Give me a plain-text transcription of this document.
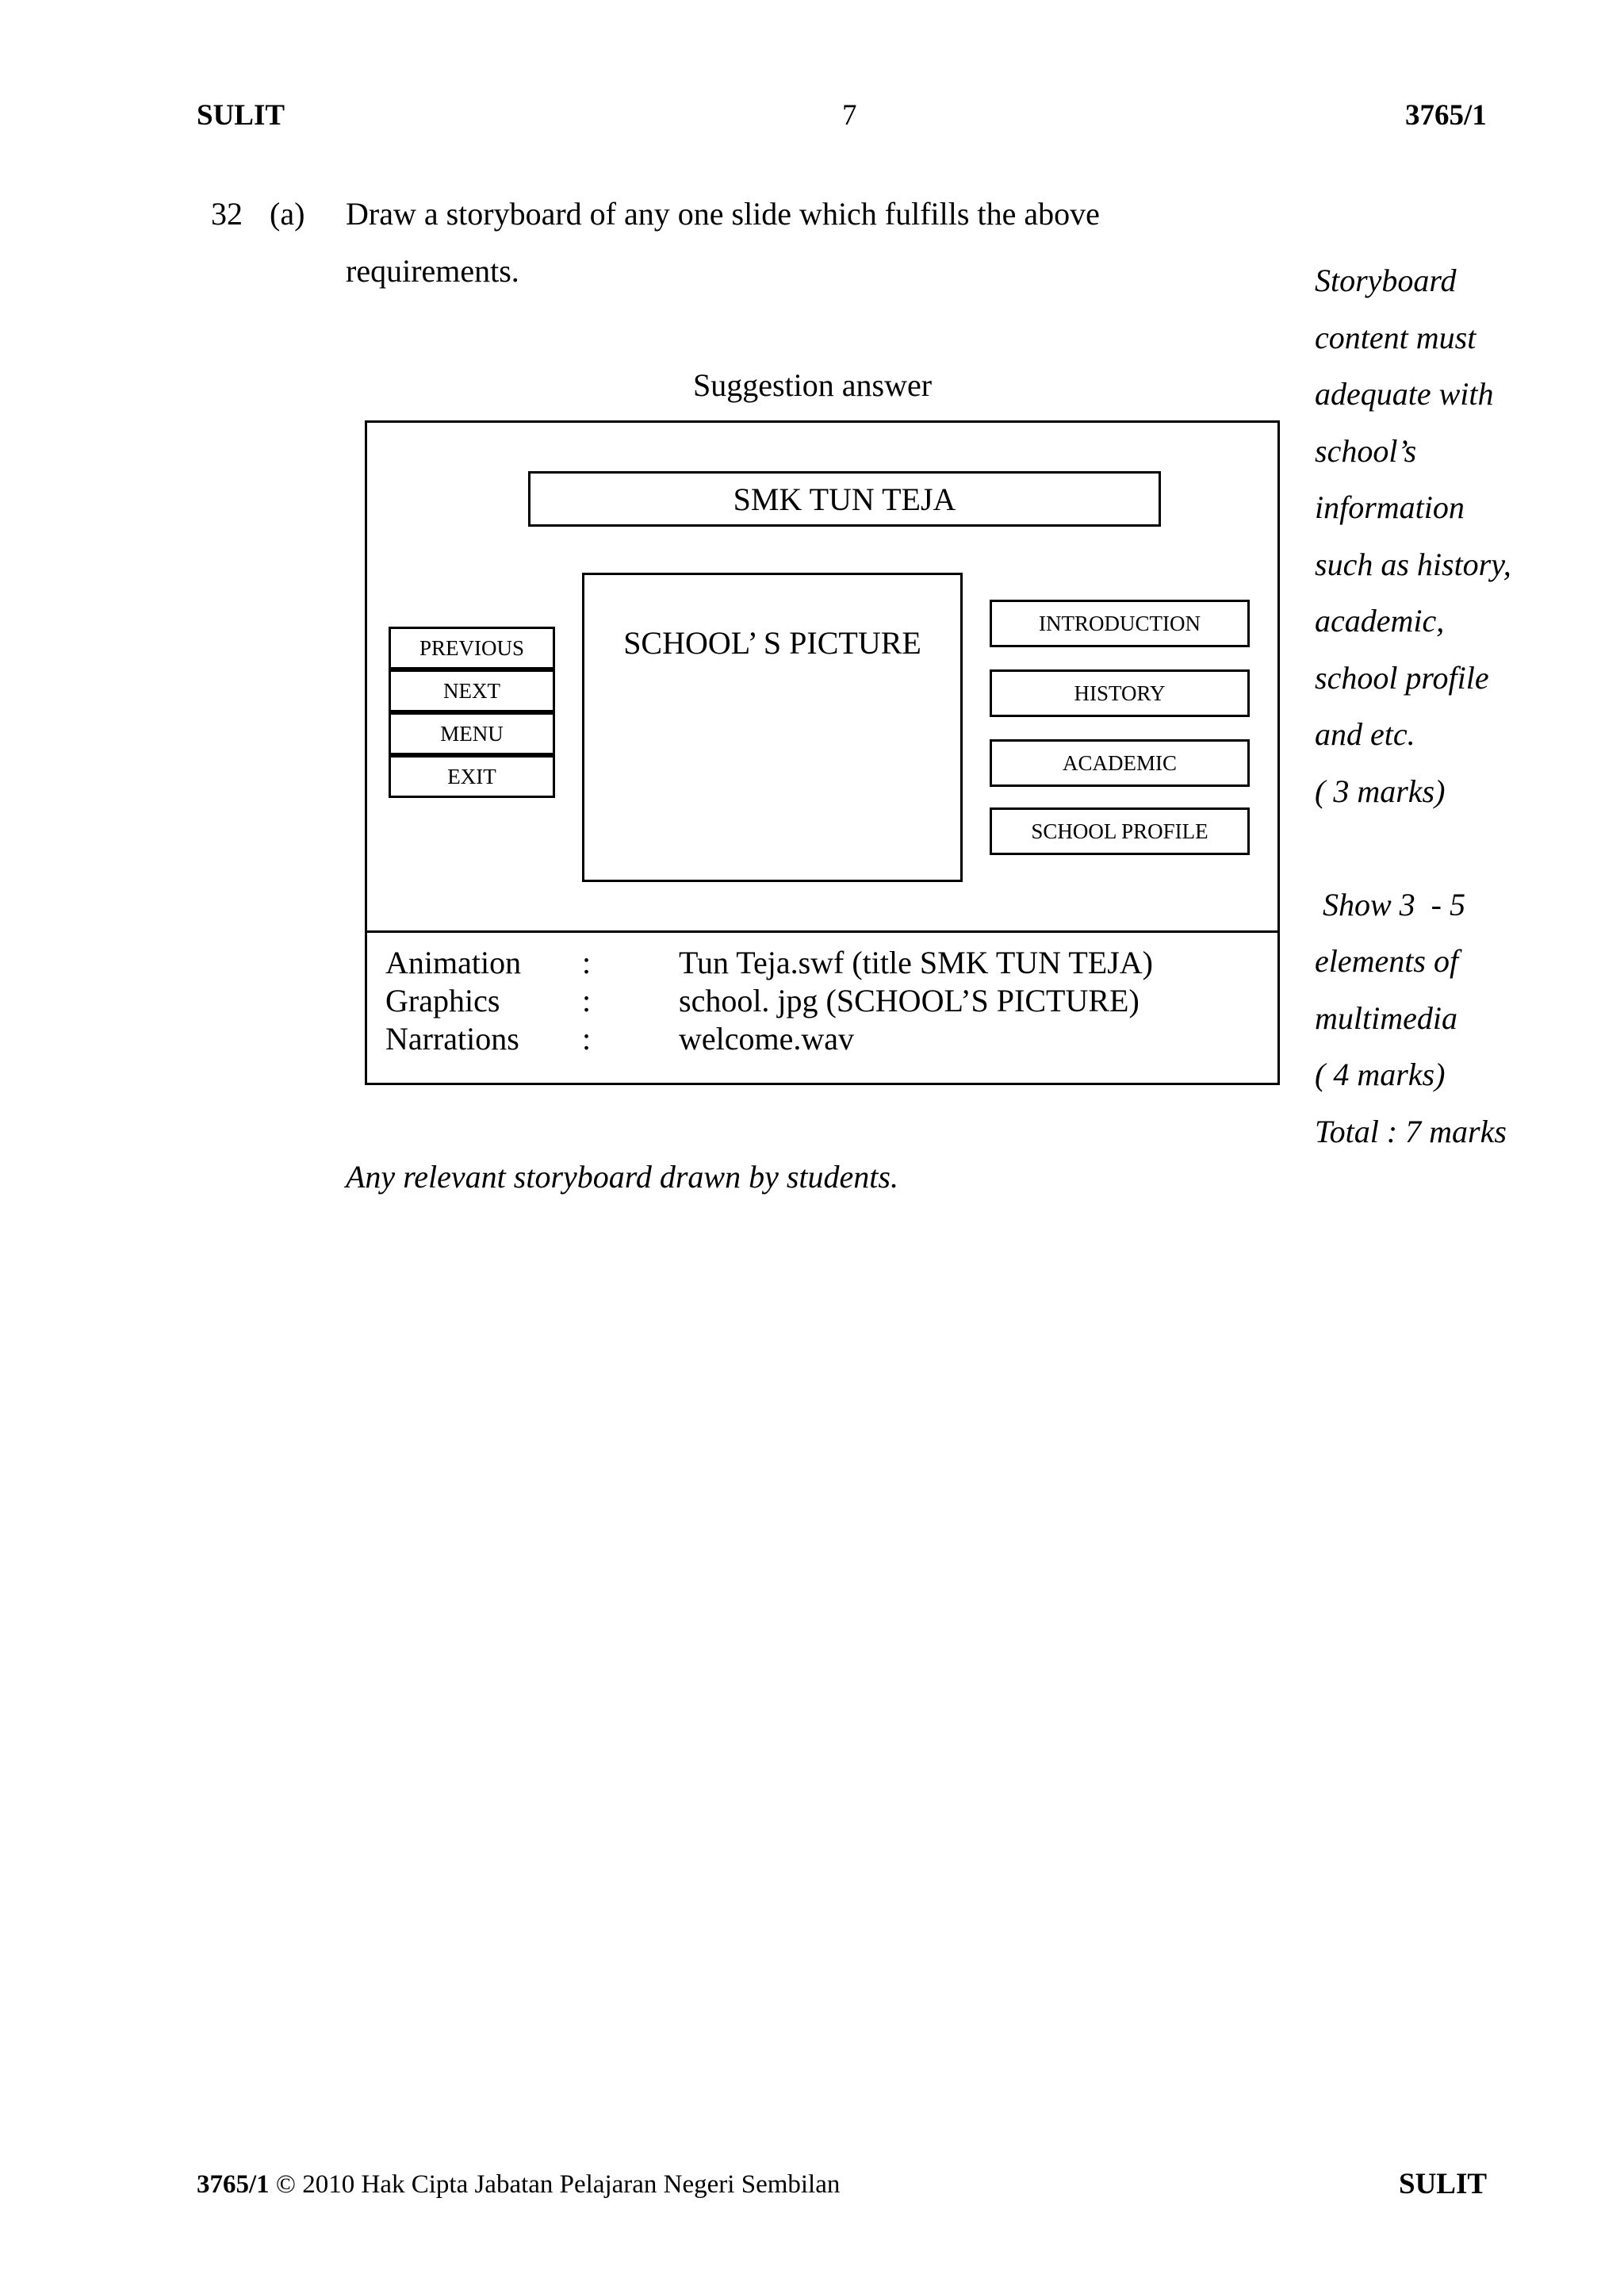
SULIT	7	3765/1
32 (a) Draw a storyboard of any one slide which fulfills the above
requirements.	Storyboard
content must
adequate with
school’s
information
such as history,
academic,
school profile
and etc.
( 3 marks)

Show 3  - 5
elements of
multimedia
( 4 marks)
Total : 7 marks
Suggestion answer
SMK TUN TEJA
SCHOOL’ S PICTURE
PREVIOUS
NEXT
MENU
EXIT
INTRODUCTION
HISTORY
ACADEMIC
SCHOOL PROFILE
Animation :	Tun Teja.swf (title SMK TUN TEJA)
Graphics	:	school. jpg (SCHOOL’S PICTURE)
Narrations :	welcome.wav
Any relevant storyboard drawn by students.
3765/1 © 2010 Hak Cipta Jabatan Pelajaran Negeri Sembilan	SULIT
